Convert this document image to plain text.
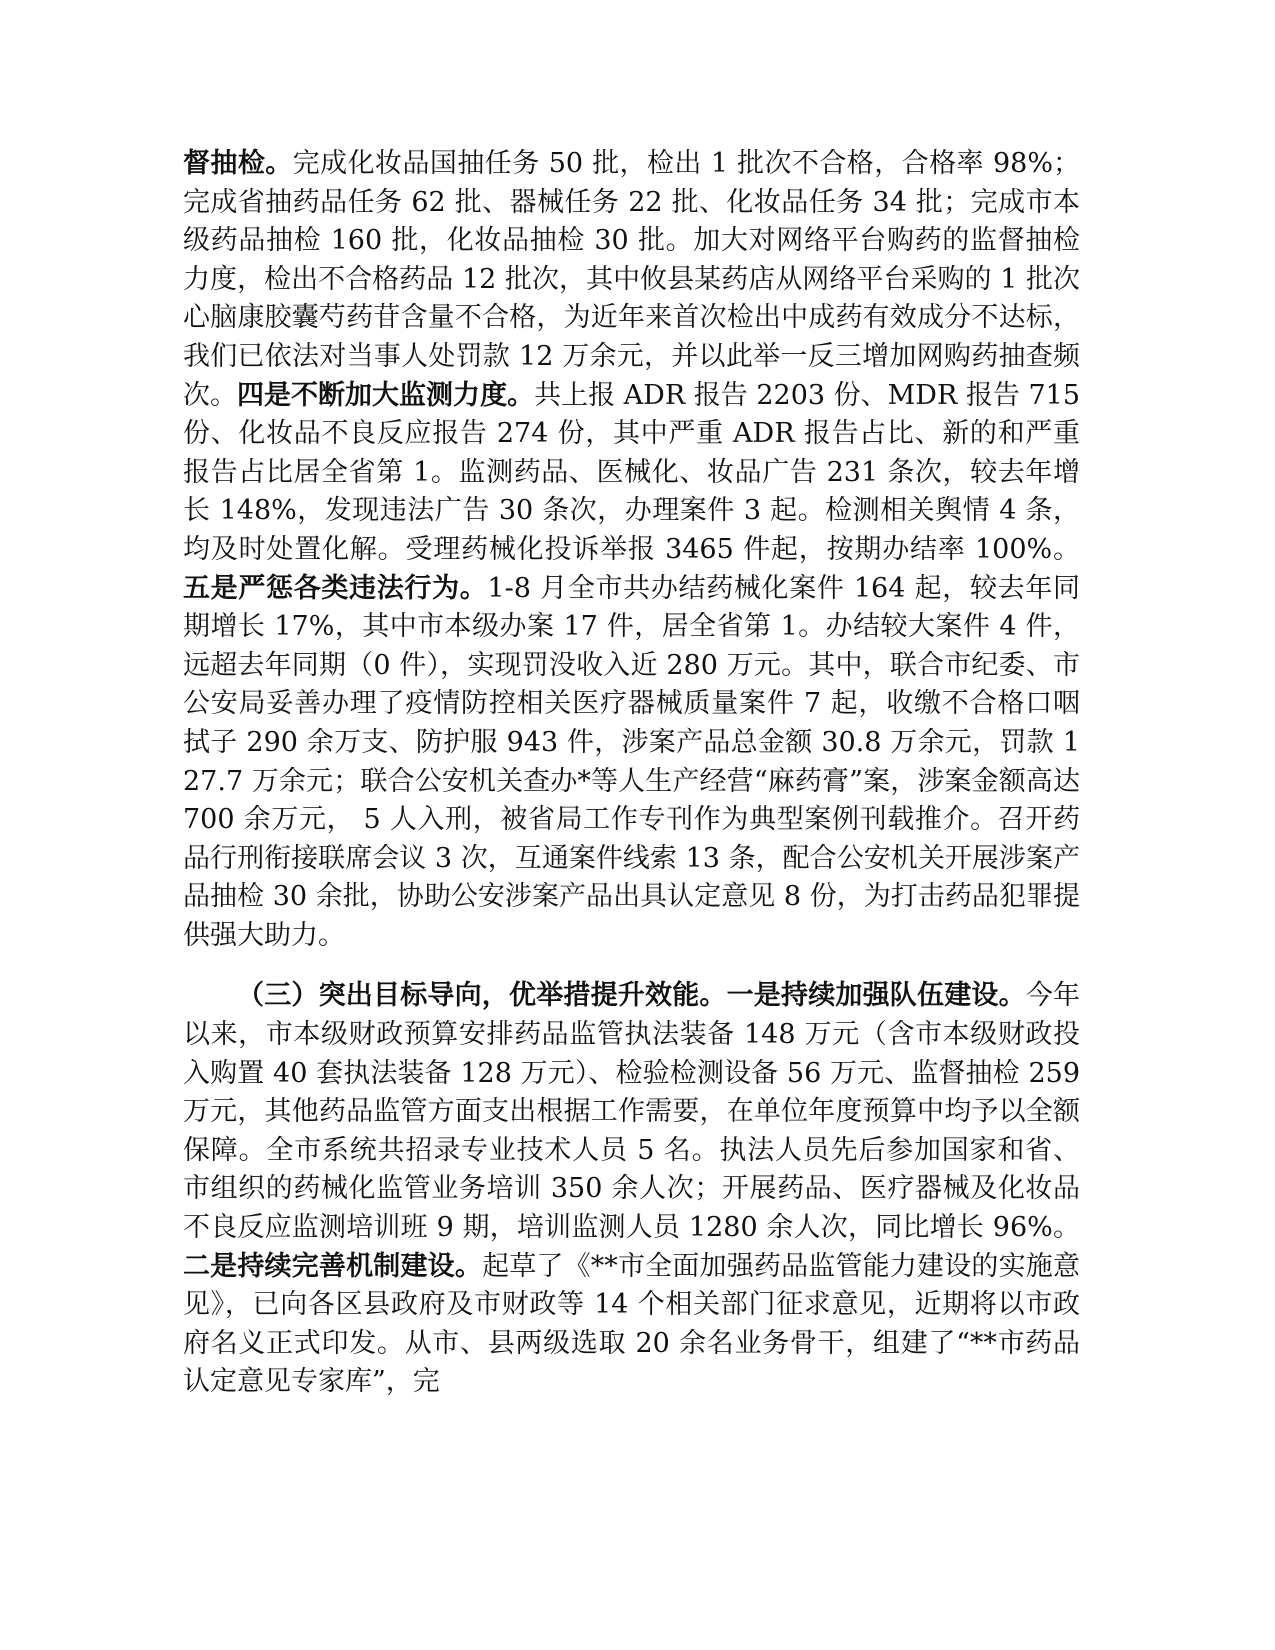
督抽检。完成化妆品国抽任务 50 批，检出 1 批次不合格，合格率 98%；完成省抽药品任务 62 批、器械任务 22 批、化妆品任务 34 批；完成市本级药品抽检 160 批，化妆品抽检 30 批。加大对网络平台购药的监督抽检力度，检出不合格药品 12 批次，其中攸县某药店从网络平台采购的 1 批次心脑康胶囊芍药苷含量不合格，为近年来首次检出中成药有效成分不达标，我们已依法对当事人处罚款 12 万余元，并以此举一反三增加网购药抽查频次。四是不断加大监测力度。共上报 ADR 报告 2203 份、MDR 报告 715 份、化妆品不良反应报告 274 份，其中严重 ADR 报告占比、新的和严重报告占比居全省第 1。监测药品、医械化、妆品广告 231 条次，较去年增长 148%，发现违法广告 30 条次，办理案件 3 起。检测相关舆情 4 条，均及时处置化解。受理药械化投诉举报 3465 件起，按期办结率 100%。五是严惩各类违法行为。1-8 月全市共办结药械化案件 164 起，较去年同期增长 17%，其中市本级办案 17 件，居全省第 1。办结较大案件 4 件，远超去年同期（0 件），实现罚没收入近 280 万元。其中，联合市纪委、市公安局妥善办理了疫情防控相关医疗器械质量案件 7 起，收缴不合格口咽拭子 290 余万支、防护服 943 件，涉案产品总金额 30.8 万余元，罚款 127.7 万余元；联合公安机关查办*等人生产经营“麻药膏”案，涉案金额高达 700 余万元， 5 人入刑，被省局工作专刊作为典型案例刊载推介。召开药品行刑衔接联席会议 3 次，互通案件线索 13 条，配合公安机关开展涉案产品抽检 30 余批，协助公安涉案产品出具认定意见 8 份，为打击药品犯罪提供强大助力。

（三）突出目标导向，优举措提升效能。一是持续加强队伍建设。今年以来，市本级财政预算安排药品监管执法装备 148 万元（含市本级财政投入购置 40 套执法装备 128 万元）、检验检测设备 56 万元、监督抽检 259 万元，其他药品监管方面支出根据工作需要，在单位年度预算中均予以全额保障。全市系统共招录专业技术人员 5 名。执法人员先后参加国家和省、市组织的药械化监管业务培训 350 余人次；开展药品、医疗器械及化妆品不良反应监测培训班 9 期，培训监测人员 1280 余人次，同比增长 96%。二是持续完善机制建设。起草了《**市全面加强药品监管能力建设的实施意见》，已向各区县政府及市财政等 14 个相关部门征求意见，近期将以市政府名义正式印发。从市、县两级选取 20 余名业务骨干，组建了“**市药品认定意见专家库”，完
